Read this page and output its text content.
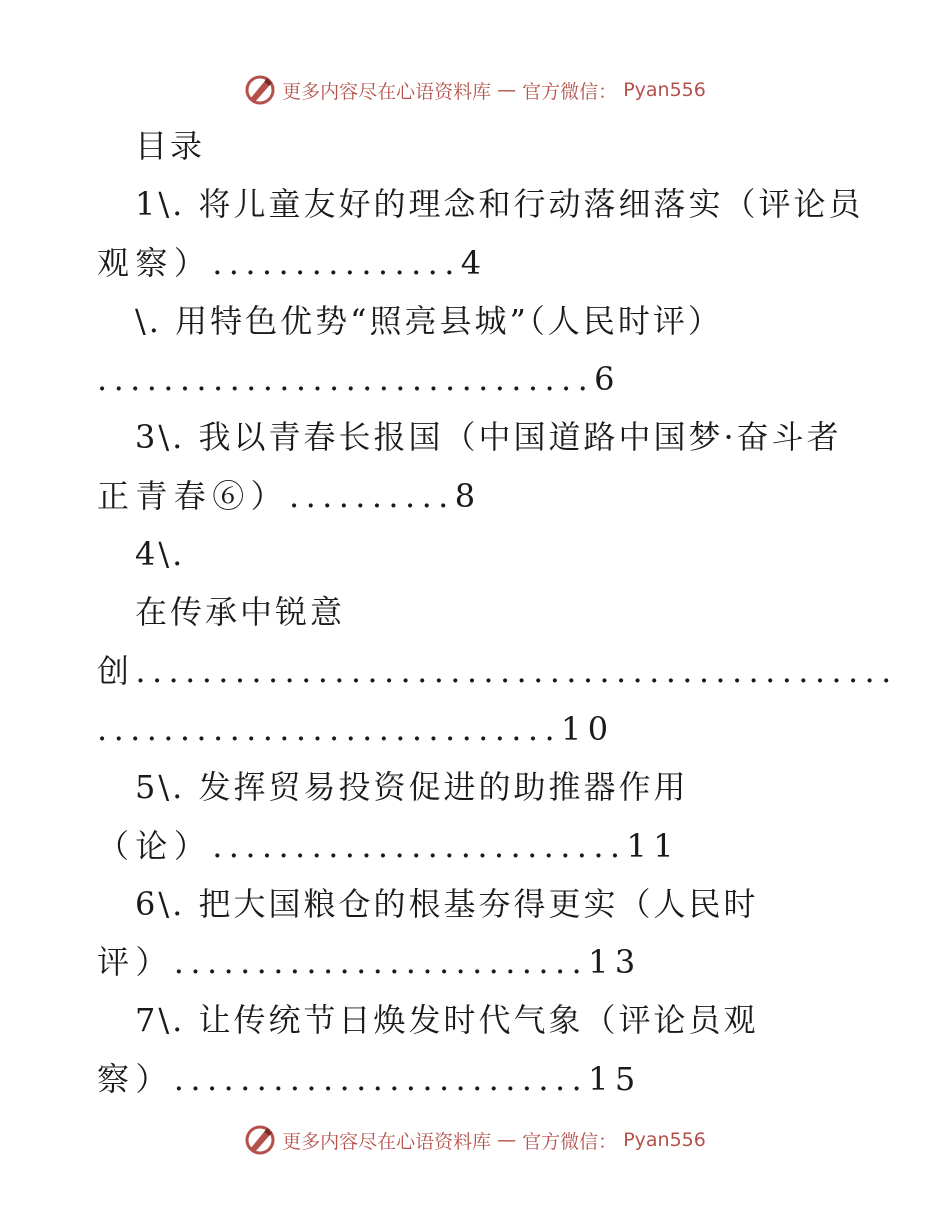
更多内容尽在心语资料库 — 官方微信： Pyan556
目录
1\. 将儿童友好的理念和行动落细落实（评论员
观察）...............4
\. 用特色优势“照亮县城”（人民时评）
..............................6
3\. 我以青春长报国（中国道路中国梦·奋斗者
正青春⑥）..........8
4\.
在传承中锐意
创..............................................
............................10
5\. 发挥贸易投资促进的助推器作用
（论）.........................11
6\. 把大国粮仓的根基夯得更实（人民时
评）.........................13
7\. 让传统节日焕发时代气象（评论员观
察）.........................15
更多内容尽在心语资料库 — 官方微信： Pyan556
